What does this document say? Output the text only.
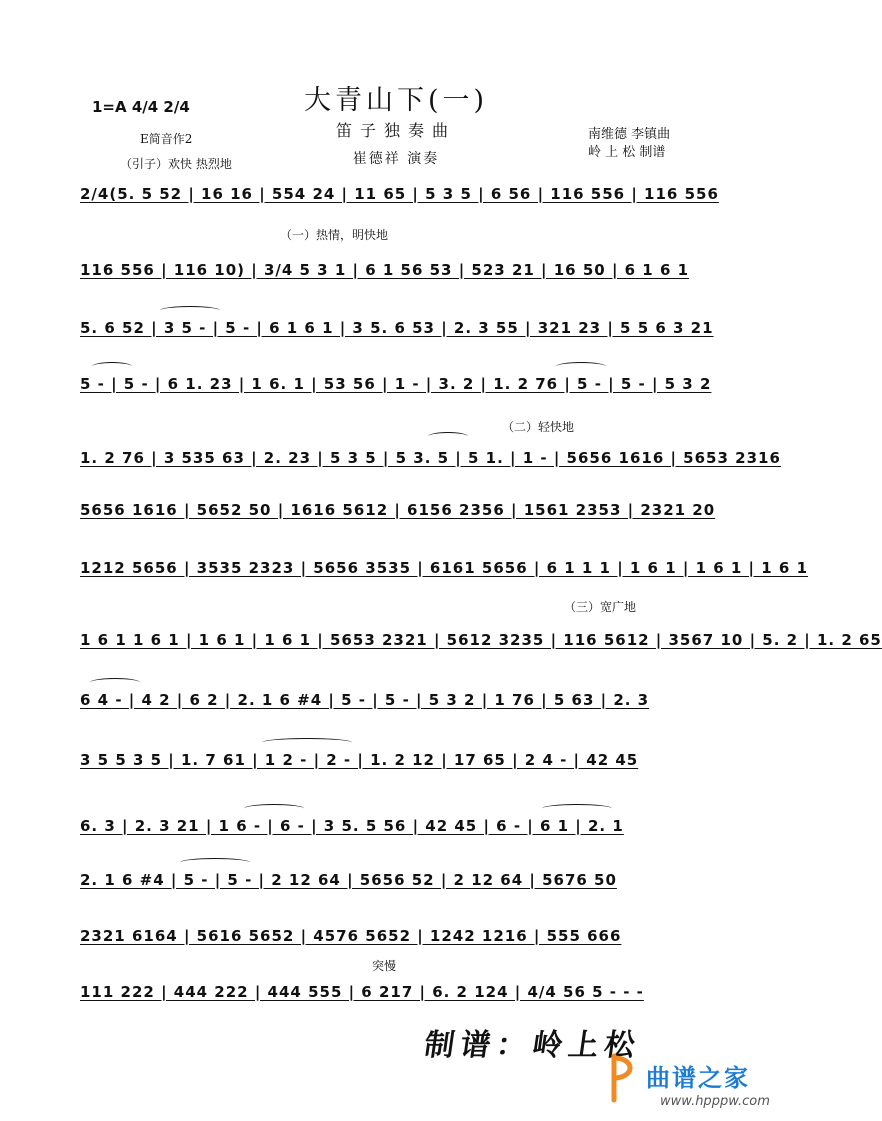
大青山下(一)
1=A 4/4 2/4
笛子独奏曲
E简音作2
崔德祥 演奏
南维德 李镇曲
岭 上 松 制谱
（引子）欢快 热烈地
（一）热情，明快地
（二）轻快地
（三）宽广地
突慢
2/4(5. 5 52 | 16 16 | 554 24 | 11 65 | 5 3 5 | 6 56 | 116 556 | 116 556
116 556 | 116 10) | 3/4 5 3 1 | 6 1 56 53 | 523 21 | 16 50 | 6 1 6 1
5. 6 52 | 3 5 - | 5 - | 6 1 6 1 | 3 5. 6 53 | 2. 3 55 | 321 23 | 5 5 6 3 21
5 - | 5 - | 6 1. 23 | 1 6. 1 | 53 56 | 1 - | 3. 2 | 1. 2 76 | 5 - | 5 - | 5 3 2
1. 2 76 | 3 535 63 | 2. 23 | 5 3 5 | 5 3. 5 | 5 1. | 1 - | 5656 1616 | 5653 2316
5656 1616 | 5652 50 | 1616 5612 | 6156 2356 | 1561 2353 | 2321 20
1212 5656 | 3535 2323 | 5656 3535 | 6161 5656 | 6 1 1 1 | 1 6 1 | 1 6 1 | 1 6 1
1 6 1 1 6 1 | 1 6 1 | 1 6 1 | 5653 2321 | 5612 3235 | 116 5612 | 3567 10 | 5. 2 | 1. 2 65
6 4 - | 4 2 | 6 2 | 2. 1 6 #4 | 5 - | 5 - | 5 3 2 | 1 76 | 5 63 | 2. 3
3 5 5 3 5 | 1. 7 61 | 1 2 - | 2 - | 1. 2 12 | 17 65 | 2 4 - | 42 45
6. 3 | 2. 3 21 | 1 6 - | 6 - | 3 5. 5 56 | 42 45 | 6 - | 6 1 | 2. 1
2. 1 6 #4 | 5 - | 5 - | 2 12 64 | 5656 52 | 2 12 64 | 5676 50
2321 6164 | 5616 5652 | 4576 5652 | 1242 1216 | 555 666
111 222 | 444 222 | 444 555 | 6 217 | 6. 2 124 | 4/4 56 5 - - -
制谱：岭上松
曲谱之家
www.hpppw.com
